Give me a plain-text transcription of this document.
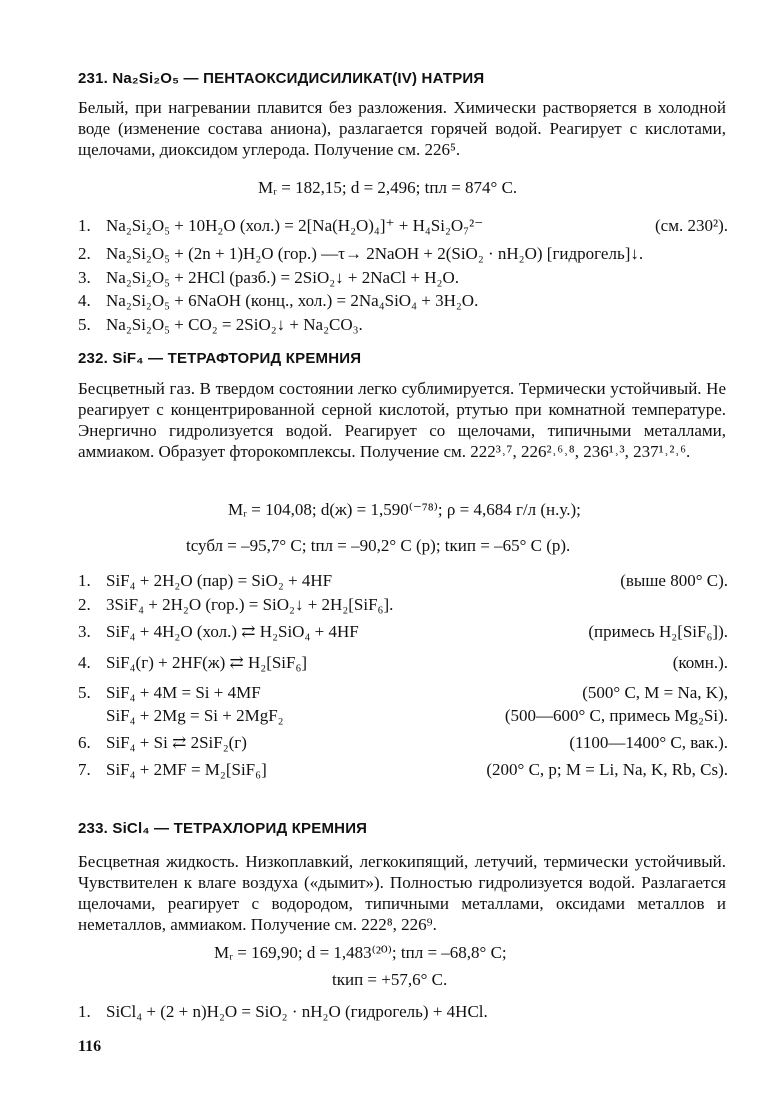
231. Na₂Si₂O₅ — ПЕНТАОКСИДИСИЛИКАТ(IV) НАТРИЯ
Белый, при нагревании плавится без разложения. Химически растворяется в холодной воде (изменение состава аниона), разлагается горячей водой. Реагирует с кислотами, щелочами, диоксидом углерода. Получение см. 226⁵.
Mᵣ = 182,15; d = 2,496; tпл = 874° C.
1. Na₂Si₂O₅ + 10H₂O (хол.) = 2[Na(H₂O)₄]⁺ + H₄Si₂O₇²⁻	(см. 230²).
2. Na₂Si₂O₅ + (2n + 1)H₂O (гор.) —τ→ 2NaOH + 2(SiO₂ · nH₂O) [гидрогель]↓.
3. Na₂Si₂O₅ + 2HCl (разб.) = 2SiO₂↓ + 2NaCl + H₂O.
4. Na₂Si₂O₅ + 6NaOH (конц., хол.) = 2Na₄SiO₄ + 3H₂O.
5. Na₂Si₂O₅ + CO₂ = 2SiO₂↓ + Na₂CO₃.
232. SiF₄ — ТЕТРАФТОРИД КРЕМНИЯ
Бесцветный газ. В твердом состоянии легко сублимируется. Термически устойчивый. Не реагирует с концентрированной серной кислотой, ртутью при комнатной температуре. Энергично гидролизуется водой. Реагирует со щелочами, типичными металлами, аммиаком. Образует фторокомплексы. Получение см. 222³˒⁷, 226²˒⁶˒⁸, 236¹˒³, 237¹˒²˒⁶.
Mᵣ = 104,08; d(ж) = 1,590⁽⁻⁷⁸⁾; ρ = 4,684 г/л (н.у.);
tсубл = –95,7° C; tпл = –90,2° C (p); tкип = –65° C (p).
1. SiF₄ + 2H₂O (пар) = SiO₂ + 4HF	(выше 800° C).
2. 3SiF₄ + 2H₂O (гор.) = SiO₂↓ + 2H₂[SiF₆].
3. SiF₄ + 4H₂O (хол.) ⇄ H₂SiO₄ + 4HF	(примесь H₂[SiF₆]).
4. SiF₄(г) + 2HF(ж) ⇄ H₂[SiF₆]	(комн.).
5. SiF₄ + 4M = Si + 4MF	(500° C, M = Na, K),
SiF₄ + 2Mg = Si + 2MgF₂	(500—600° C, примесь Mg₂Si).
6. SiF₄ + Si ⇄ 2SiF₂(г)	(1100—1400° C, вак.).
7. SiF₄ + 2MF = M₂[SiF₆]	(200° C, p; M = Li, Na, K, Rb, Cs).
233. SiCl₄ — ТЕТРАХЛОРИД КРЕМНИЯ
Бесцветная жидкость. Низкоплавкий, легкокипящий, летучий, термически устойчивый. Чувствителен к влаге воздуха («дымит»). Полностью гидролизуется водой. Разлагается щелочами, реагирует с водородом, типичными металлами, оксидами металлов и неметаллов, аммиаком. Получение см. 222⁸, 226⁹.
Mᵣ = 169,90; d = 1,483⁽²⁰⁾; tпл = –68,8° C;
tкип = +57,6° C.
1. SiCl₄ + (2 + n)H₂O = SiO₂ · nH₂O (гидрогель) + 4HCl.
116
